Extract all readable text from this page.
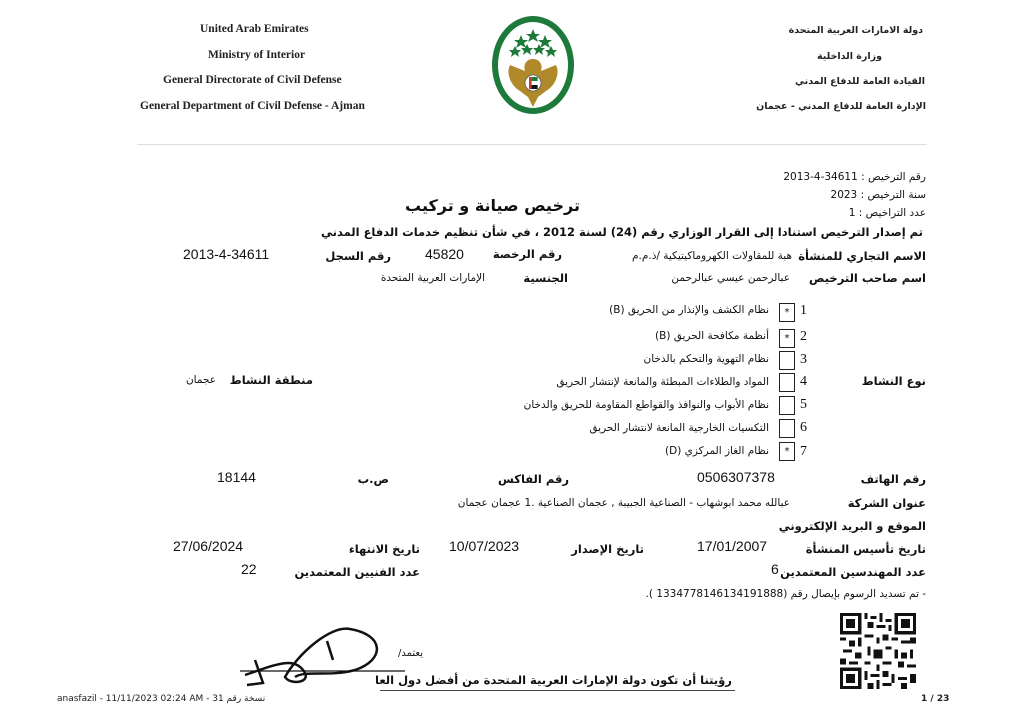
United Arab Emirates
Ministry of Interior
General Directorate of Civil Defense
General Department of Civil Defense - Ajman
دولة الامارات العربية المتحدة
وزارة الداخلية
القيادة العامة للدفاع المدني
الإدارة العامة للدفاع المدني - عجمان
رقم الترخيص : 34611-4-2013
سنة الترخيص : 2023
عدد التراخيص : 1
ترخيص صيانة و تركيب
تم إصدار الترخيص استنادا إلى القرار الوزاري رقم (24) لسنة 2012 ، في شأن تنظيم خدمات الدفاع المدني
الاسم التجاري للمنشأة
هبة للمقاولات الكهروماكيتيكية /ذ.م.م
رقم الرخصة
45820
رقم السجل
2013-4-34611
اسم صاحب الترخيص
عبالرحمن عيسي عبالرحمن
الجنسية
الإمارات العربية المتحدة
نوع النشاط
منطقة النشاط
عجمان
1
*
نظام الكشف والإنذار من الحريق (B)
2
*
أنظمة مكافحة الحريق (B)
3
نظام التهوية والتحكم بالدخان
4
المواد والطلاءات المبطئة والمانعة لإنتشار الحريق
5
نظام الأبواب والنوافذ والقواطع المقاومة للحريق والدخان
6
التكسيات الخارجية المانعة لانتشار الحريق
7
*
نظام الغاز المركزي (D)
رقم الهاتف
رقم الفاكس	0506307378
ص.ب
18144
عنوان الشركة
عبالله محمد ابوشهاب - الصناعية الجبيبة , عجمان الصناعية .1 عجمان عجمان
الموقع و البريد الإلكتروني
تاريخ تأسيس المنشأة
17/01/2007
تاريخ الإصدار
10/07/2023
تاريخ الانتهاء
27/06/2024
عدد المهندسين المعتمدين
6
عدد الفنيين المعتمدين
22
- تم تسديد الرسوم بإيصال رقم (1334778146134191888 ).
يعتمد/
رؤيتنا أن تكون دولة الإمارات العربية المتحدة من أفضل دول العا
anasfazil - 11/11/2023 02:24 AM - 31 نسخة رقم	1 / 23
